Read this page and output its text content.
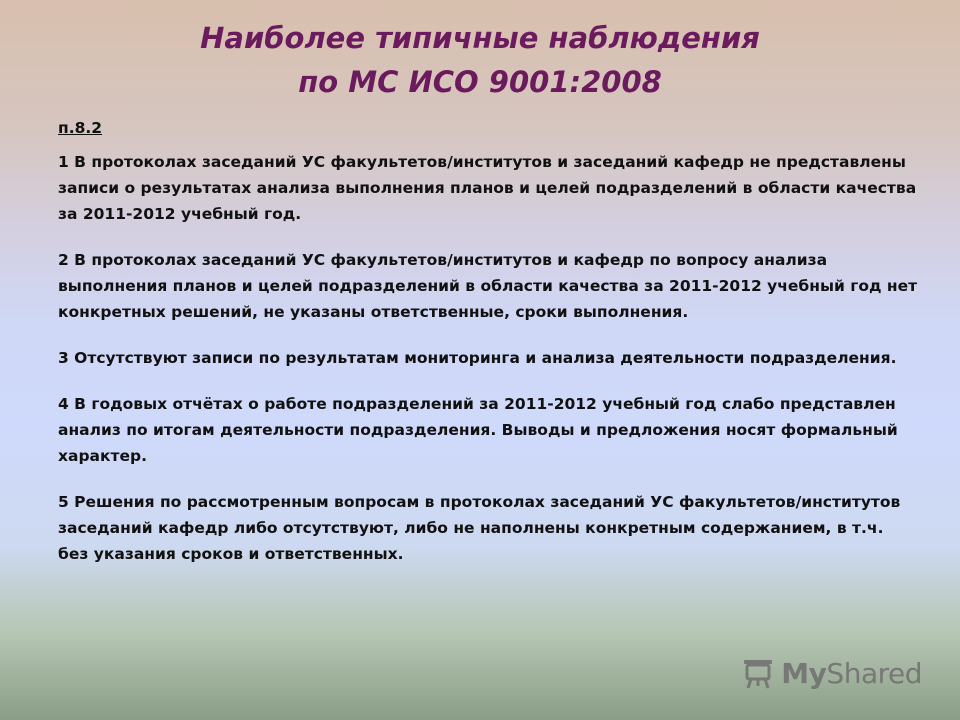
Наиболее типичные наблюдения
по МС ИСО 9001:2008

п.8.2

1 В протоколах заседаний УС факультетов/институтов и заседаний кафедр не представлены записи о результатах анализа выполнения планов и целей подразделений в области качества за 2011-2012 учебный год.

2 В протоколах заседаний УС факультетов/институтов и кафедр по вопросу анализа выполнения планов и целей подразделений в области качества за 2011-2012 учебный год нет конкретных решений, не указаны ответственные, сроки выполнения.

3 Отсутствуют записи по результатам мониторинга и анализа деятельности подразделения.

4 В годовых отчётах о работе подразделений за 2011-2012 учебный год слабо представлен анализ по итогам деятельности подразделения. Выводы и предложения носят формальный характер.

5 Решения по рассмотренным вопросам в протоколах заседаний УС факультетов/институтов заседаний кафедр либо отсутствуют, либо не наполнены конкретным содержанием, в т.ч. без указания сроков и ответственных.

MyShared
